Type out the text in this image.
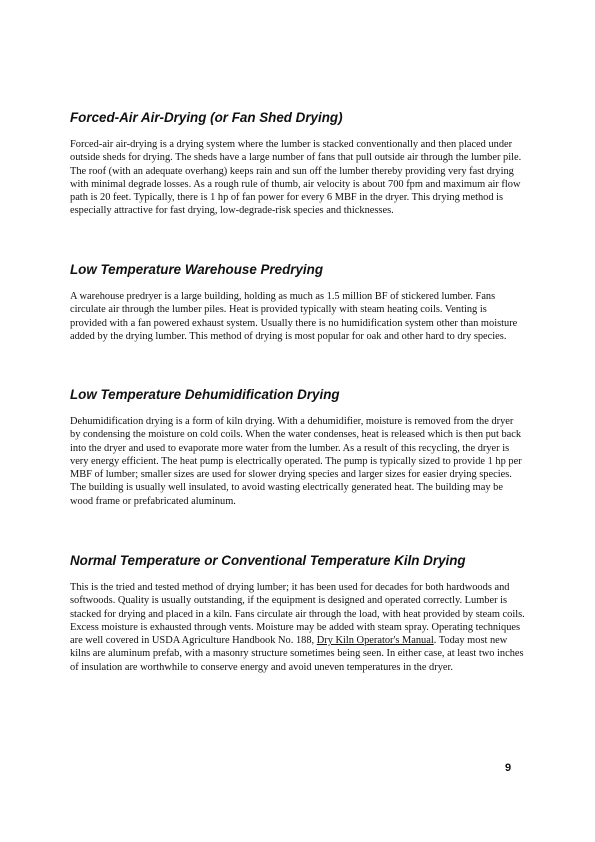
Forced-Air Air-Drying (or Fan Shed Drying)

Forced-air air-drying is a drying system where the lumber is stacked conventionally and then placed under outside sheds for drying. The sheds have a large number of fans that pull outside air through the lumber pile. The roof (with an adequate overhang) keeps rain and sun off the lumber thereby providing very fast drying with minimal degrade losses. As a rough rule of thumb, air velocity is about 700 fpm and maximum air flow path is 20 feet. Typically, there is 1 hp of fan power for every 6 MBF in the dryer. This drying method is especially attractive for fast drying, low-degrade-risk species and thicknesses.

Low Temperature Warehouse Predrying

A warehouse predryer is a large building, holding as much as 1.5 million BF of stickered lumber. Fans circulate air through the lumber piles. Heat is provided typically with steam heating coils. Venting is provided with a fan powered exhaust system. Usually there is no humidification system other than moisture added by the drying lumber. This method of drying is most popular for oak and other hard to dry species.

Low Temperature Dehumidification Drying

Dehumidification drying is a form of kiln drying. With a dehumidifier, moisture is removed from the dryer by condensing the moisture on cold coils. When the water condenses, heat is released which is then put back into the dryer and used to evaporate more water from the lumber. As a result of this recycling, the dryer is very energy efficient. The heat pump is electrically operated. The pump is typically sized to provide 1 hp per MBF of lumber; smaller sizes are used for slower drying species and larger sizes for easier drying species. The building is usually well insulated, to avoid wasting electrically generated heat. The building may be wood frame or prefabricated aluminum.

Normal Temperature or Conventional Temperature Kiln Drying

This is the tried and tested method of drying lumber; it has been used for decades for both hardwoods and softwoods. Quality is usually outstanding, if the equipment is designed and operated correctly. Lumber is stacked for drying and placed in a kiln. Fans circulate air through the load, with heat provided by steam coils. Excess moisture is exhausted through vents. Moisture may be added with steam spray. Operating techniques are well covered in USDA Agriculture Handbook No. 188, Dry Kiln Operator's Manual. Today most new kilns are aluminum prefab, with a masonry structure sometimes being seen. In either case, at least two inches of insulation are worthwhile to conserve energy and avoid uneven temperatures in the dryer.

9
